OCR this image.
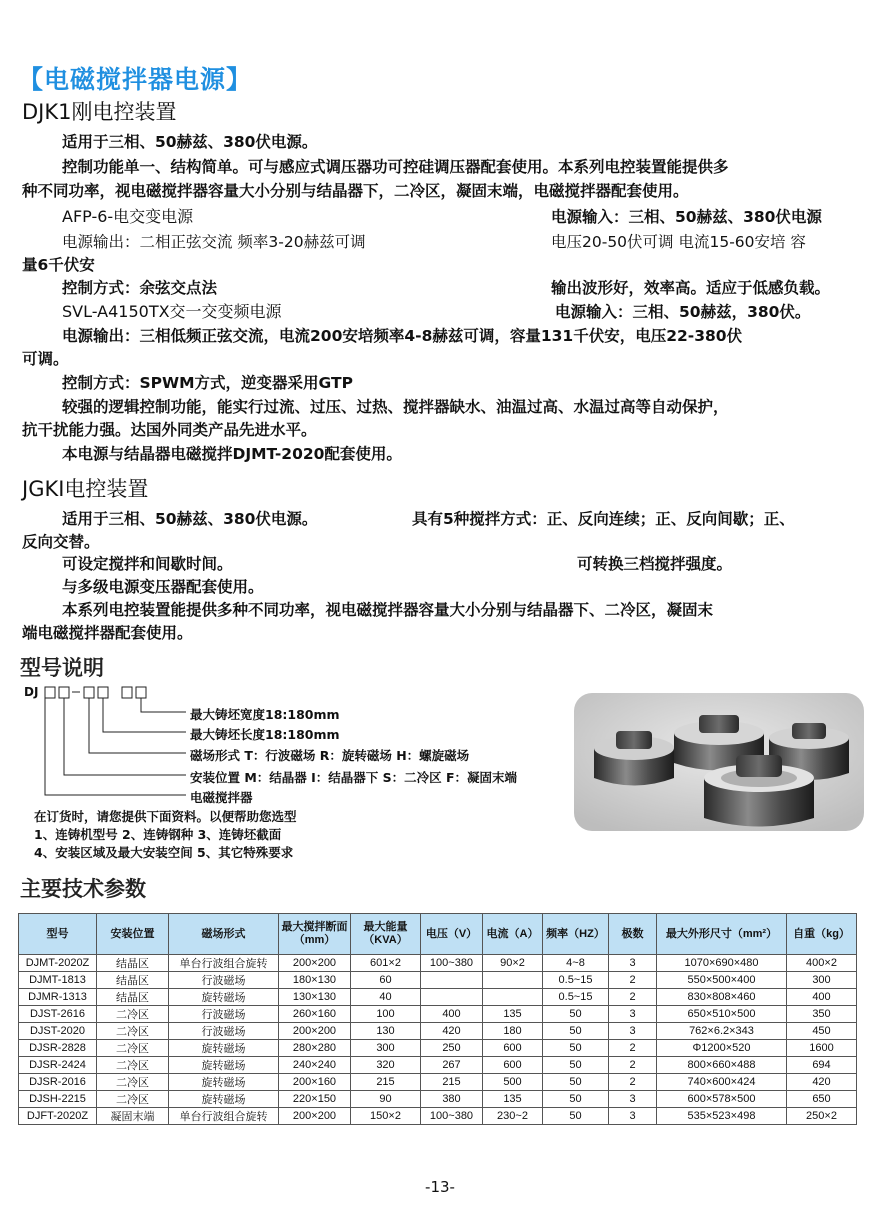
【电磁搅拌器电源】
DJK1刚电控装置
适用于三相、50赫兹、380伏电源。
控制功能单一、结构简单。可与感应式调压器功可控硅调压器配套使用。本系列电控装置能提供多
种不同功率，视电磁搅拌器容量大小分别与结晶器下，二冷区，凝固末端，电磁搅拌器配套使用。
AFP-6-电交变电源	电源输入：三相、50赫兹、380伏电源
电源输出：二相正弦交流 频率3-20赫兹可调	电压20-50伏可调 电流15-60安培 容
量6千伏安
控制方式：余弦交点法	输出波形好，效率高。适应于低感负载。
SVL-A4150TX交一交变频电源	电源输入：三相、50赫兹，380伏。
电源输出：三相低频正弦交流，电流200安培频率4-8赫兹可调，容量131千伏安，电压22-380伏
可调。
控制方式：SPWM方式，逆变器采用GTP
较强的逻辑控制功能，能实行过流、过压、过热、搅拌器缺水、油温过高、水温过高等自动保护，
抗干扰能力强。达国外同类产品先进水平。
本电源与结晶器电磁搅拌DJMT-2020配套使用。
JGKI电控装置
适用于三相、50赫兹、380伏电源。	具有5种搅拌方式：正、反向连续；正、反向间歇；正、
反向交替。
可设定搅拌和间歇时间。	可转换三档搅拌强度。
与多级电源变压器配套使用。
本系列电控装置能提供多种不同功率，视电磁搅拌器容量大小分别与结晶器下、二冷区，凝固末
端电磁搅拌器配套使用。
型号说明
DJ
最大铸坯宽度18:180mm
最大铸坯长度18:180mm
磁场形式 T：行波磁场 R：旋转磁场 H：螺旋磁场
安装位置 M：结晶器 I：结晶器下 S：二冷区 F：凝固末端
电磁搅拌器
在订货时，请您提供下面资料。以便帮助您选型
1、连铸机型号 2、连铸钢种 3、连铸坯截面
4、安装区域及最大安装空间 5、其它特殊要求
主要技术参数
型号	安装位置	磁场形式	最大搅拌断面（mm）	最大能量（KVA）	电压（V）	电流（A）	频率（HZ）	极数	最大外形尺寸（mm²）	自重（kg）
DJMT-2020Z	结晶区	单台行波组合旋转	200×200	601×2	100~380	90×2	4~8	3	1070×690×480	400×2
DJMT-1813	结晶区	行波磁场	180×130	60			0.5~15	2	550×500×400	300
DJMR-1313	结晶区	旋转磁场	130×130	40			0.5~15	2	830×808×460	400
DJST-2616	二冷区	行波磁场	260×160	100	400	135	50	3	650×510×500	350
DJST-2020	二冷区	行波磁场	200×200	130	420	180	50	3	762×6.2×343	450
DJSR-2828	二冷区	旋转磁场	280×280	300	250	600	50	2	Φ1200×520	1600
DJSR-2424	二冷区	旋转磁场	240×240	320	267	600	50	2	800×660×488	694
DJSR-2016	二冷区	旋转磁场	200×160	215	215	500	50	2	740×600×424	420
DJSH-2215	二冷区	旋转磁场	220×150	90	380	135	50	3	600×578×500	650
DJFT-2020Z	凝固末端	单台行波组合旋转	200×200	150×2	100~380	230~2	50	3	535×523×498	250×2
-13-
